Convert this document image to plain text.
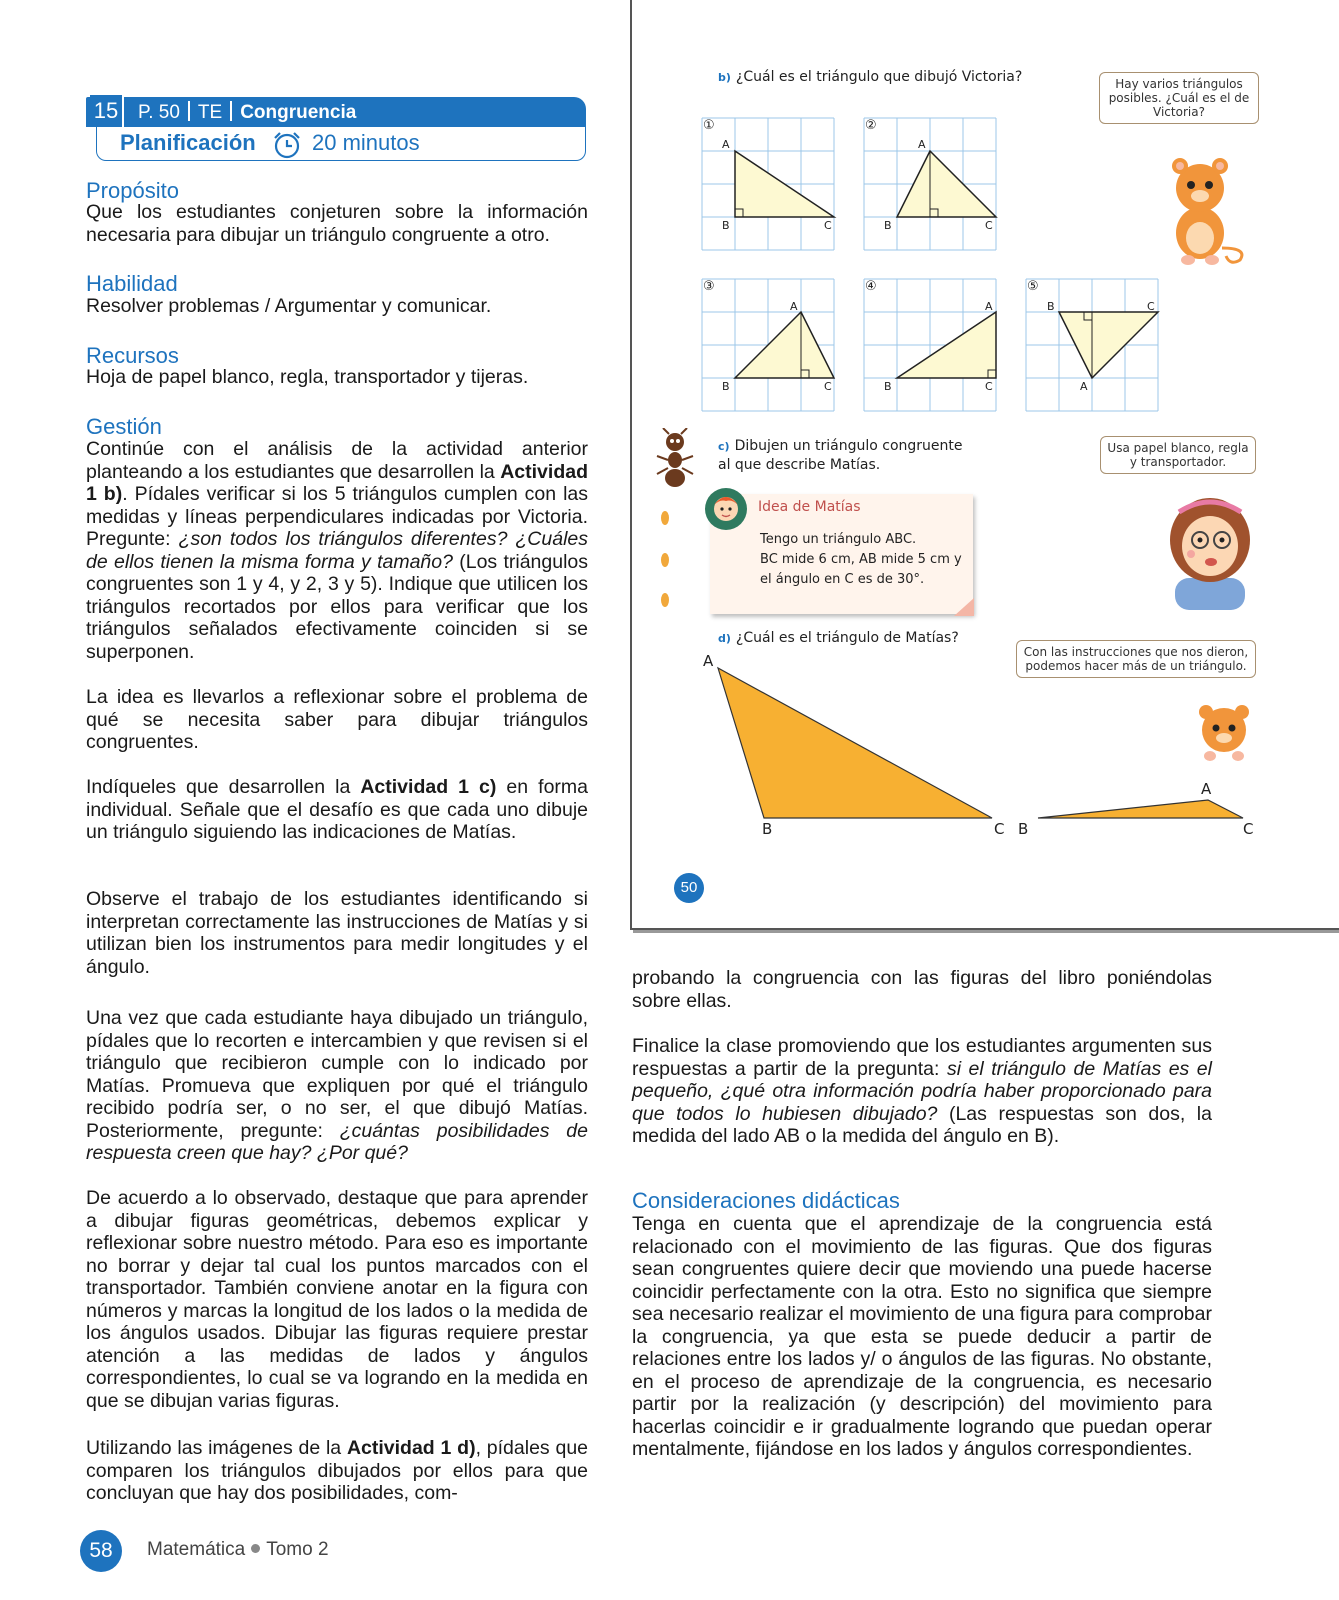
15	P. 50 TE Congruencia
Planificación	20 minutos
Propósito
Que los estudiantes conjeturen sobre la información necesaria para dibujar un triángulo congruente a otro.
Habilidad
Resolver problemas / Argumentar y comunicar.
Recursos
Hoja de papel blanco, regla, transportador y tijeras.
Gestión
Continúe con el análisis de la actividad anterior planteando a los estudiantes que desarrollen la Actividad 1 b). Pídales verificar si los 5 triángulos cumplen con las medidas y líneas perpendiculares indicadas por Victoria. Pregunte: ¿son todos los triángulos diferentes? ¿Cuáles de ellos tienen la misma forma y tamaño? (Los triángulos congruentes son 1 y 4, y 2, 3 y 5). Indique que utilicen los triángulos recortados por ellos para verificar que los triángulos señalados efectivamente coinciden si se superponen.
La idea es llevarlos a reflexionar sobre el problema de qué se necesita saber para dibujar triángulos congruentes.
Indíqueles que desarrollen la Actividad 1 c) en forma individual. Señale que el desafío es que cada uno dibuje un triángulo siguiendo las indicaciones de Matías.
Observe el trabajo de los estudiantes identificando si interpretan correctamente las instrucciones de Matías y si utilizan bien los instrumentos para medir longitudes y el ángulo.
Una vez que cada estudiante haya dibujado un triángulo, pídales que lo recorten e intercambien y que revisen si el triángulo que recibieron cumple con lo indicado por Matías. Promueva que expliquen por qué el triángulo recibido podría ser, o no ser, el que dibujó Matías. Posteriormente, pregunte: ¿cuántas posibilidades de respuesta creen que hay? ¿Por qué?
De acuerdo a lo observado, destaque que para aprender a dibujar figuras geométricas, debemos explicar y reflexionar sobre nuestro método. Para eso es importante no borrar y dejar tal cual los puntos marcados con el transportador. También conviene anotar en la figura con números y marcas la longitud de los lados o la medida de los ángulos usados. Dibujar las figuras requiere prestar atención a las medidas de lados y ángulos correspondientes, lo cual se va logrando en la medida en que se dibujan varias figuras.
Utilizando las imágenes de la Actividad 1 d), pídales que comparen los triángulos dibujados por ellos para que concluyan que hay dos posibilidades, com-
58	Matemática Tomo 2
b) ¿Cuál es el triángulo que dibujó Victoria?	Hay varios triángulos posibles. ¿Cuál es el de Victoria?
①
A
B	C
②
A
B	C
③
A
B	C
④
A
B	C
⑤
B	C
A
c) Dibujen un triángulo congruente al que describe Matías.
Usa papel blanco, regla y transportador.
Idea de Matías
Tengo un triángulo ABC.
BC mide 6 cm, AB mide 5 cm y
el ángulo en C es de 30°.
d) ¿Cuál es el triángulo de Matías?
Con las instrucciones que nos dieron, podemos hacer más de un triángulo.
A
B	C B
A
C
50
probando la congruencia con las figuras del libro poniéndolas sobre ellas.
Finalice la clase promoviendo que los estudiantes argumenten sus respuestas a partir de la pregunta: si el triángulo de Matías es el pequeño, ¿qué otra información podría haber proporcionado para que todos lo hubiesen dibujado? (Las respuestas son dos, la medida del lado AB o la medida del ángulo en B).
Consideraciones didácticas
Tenga en cuenta que el aprendizaje de la congruencia está relacionado con el movimiento de las figuras. Que dos figuras sean congruentes quiere decir que moviendo una puede hacerse coincidir perfectamente con la otra. Esto no significa que siempre sea necesario realizar el movimiento de una figura para comprobar la congruencia, ya que esta se puede deducir a partir de relaciones entre los lados y/ o ángulos de las figuras. No obstante, en el proceso de aprendizaje de la congruencia, es necesario partir por la realización (y descripción) del movimiento para hacerlas coincidir e ir gradualmente logrando que puedan operar mentalmente, fijándose en los lados y ángulos correspondientes.
